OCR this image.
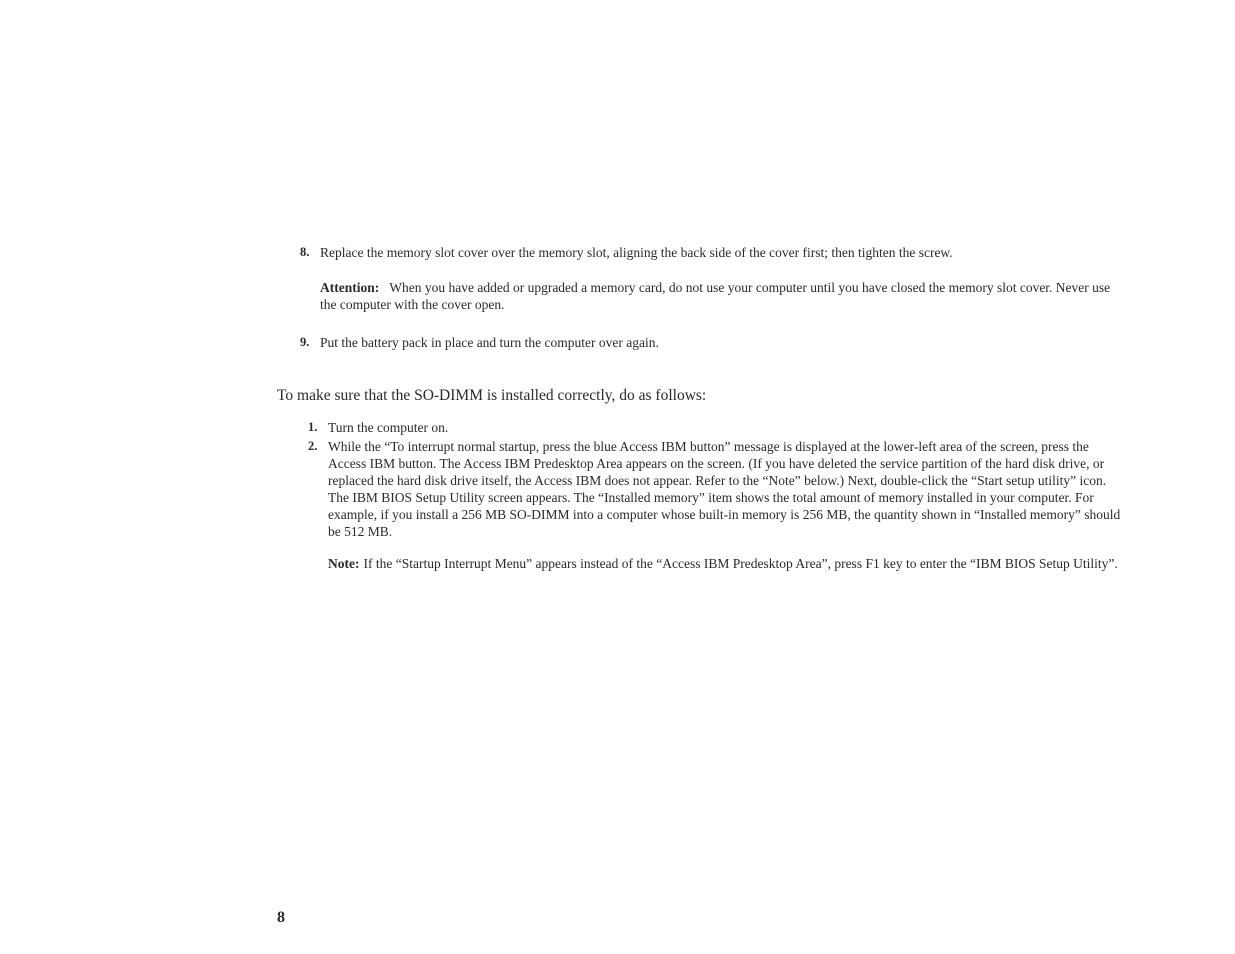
8. Replace the memory slot cover over the memory slot, aligning the back side of the cover first; then tighten the screw.
Attention: When you have added or upgraded a memory card, do not use your computer until you have closed the memory slot cover. Never use the computer with the cover open.
9. Put the battery pack in place and turn the computer over again.
To make sure that the SO-DIMM is installed correctly, do as follows:
1. Turn the computer on.
2. While the “To interrupt normal startup, press the blue Access IBM button” message is displayed at the lower-left area of the screen, press the Access IBM button. The Access IBM Predesktop Area appears on the screen. (If you have deleted the service partition of the hard disk drive, or replaced the hard disk drive itself, the Access IBM does not appear. Refer to the “Note” below.) Next, double-click the “Start setup utility” icon. The IBM BIOS Setup Utility screen appears. The “Installed memory” item shows the total amount of memory installed in your computer. For example, if you install a 256 MB SO-DIMM into a computer whose built-in memory is 256 MB, the quantity shown in “Installed memory” should be 512 MB.
Note: If the “Startup Interrupt Menu” appears instead of the “Access IBM Predesktop Area”, press F1 key to enter the “IBM BIOS Setup Utility”.
8
